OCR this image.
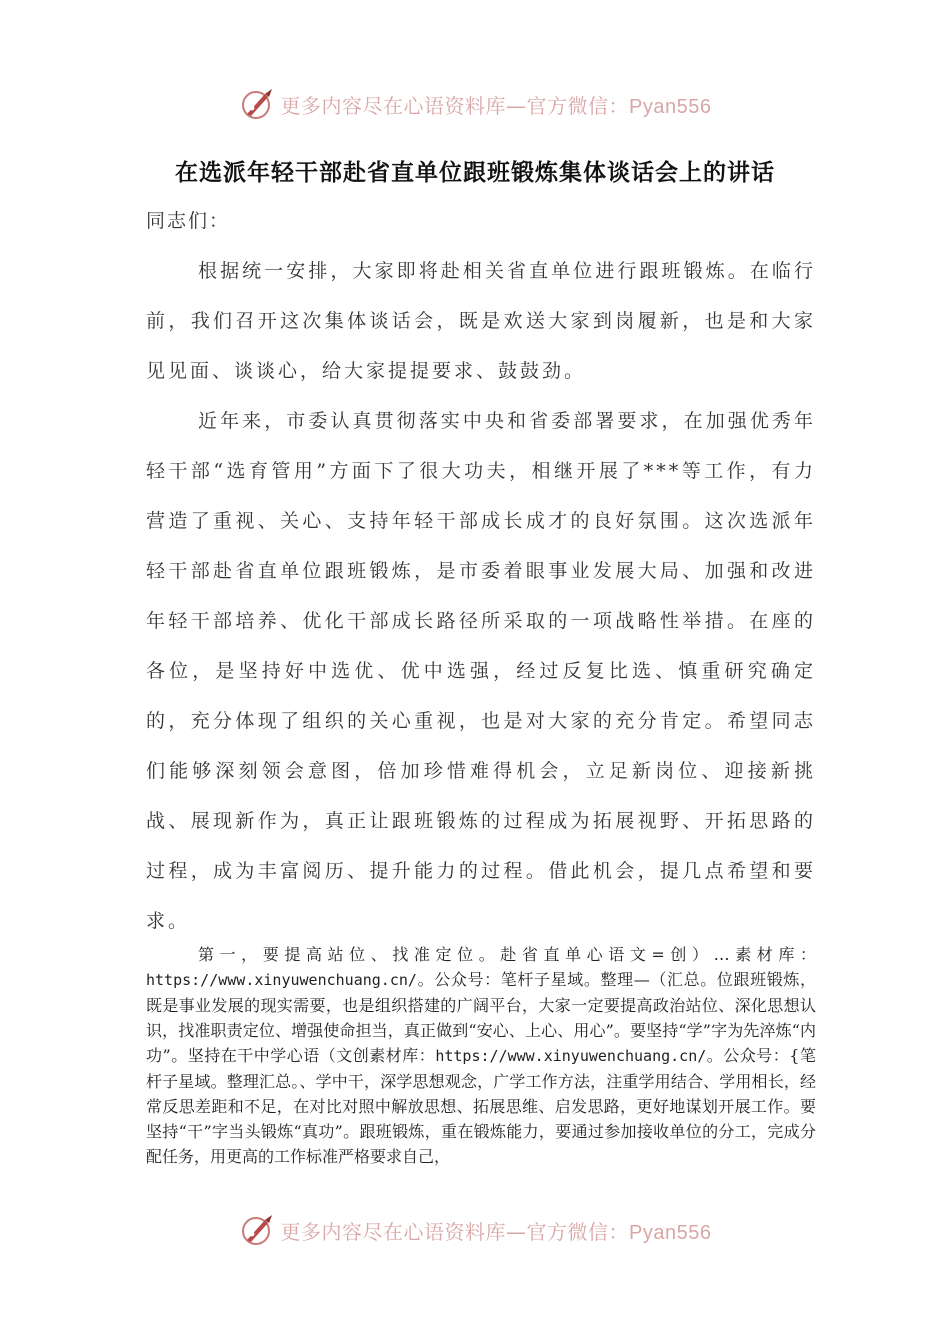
更多内容尽在心语资料库—官方微信：Pyan556
在选派年轻干部赴省直单位跟班锻炼集体谈话会上的讲话
同志们：

根据统一安排，大家即将赴相关省直单位进行跟班锻炼。在临行前，我们召开这次集体谈话会，既是欢送大家到岗履新，也是和大家见见面、谈谈心，给大家提提要求、鼓鼓劲。

近年来，市委认真贯彻落实中央和省委部署要求，在加强优秀年轻干部“选育管用”方面下了很大功夫，相继开展了***等工作，有力营造了重视、关心、支持年轻干部成长成才的良好氛围。这次选派年轻干部赴省直单位跟班锻炼，是市委着眼事业发展大局、加强和改进年轻干部培养、优化干部成长路径所采取的一项战略性举措。在座的各位，是坚持好中选优、优中选强，经过反复比选、慎重研究确定的，充分体现了组织的关心重视，也是对大家的充分肯定。希望同志们能够深刻领会意图，倍加珍惜难得机会，立足新岗位、迎接新挑战、展现新作为，真正让跟班锻炼的过程成为拓展视野、开拓思路的过程，成为丰富阅历、提升能力的过程。借此机会，提几点希望和要求。

第一，要提高站位、找准定位。赴省直单心语文=创）…素材库：https://www.xinyuwenchuang.cn/。公众号：笔杆子星域。整理—（汇总。位跟班锻炼，既是事业发展的现实需要，也是组织搭建的广阔平台，大家一定要提高政治站位、深化思想认识，找准职责定位、增强使命担当，真正做到“安心、上心、用心”。要坚持“学”字为先淬炼“内功”。坚持在干中学心语（文创素材库：https://www.xinyuwenchuang.cn/。公众号：{笔杆子星域。整理汇总。、学中干，深学思想观念，广学工作方法，注重学用结合、学用相长，经常反思差距和不足，在对比对照中解放思想、拓展思维、启发思路，更好地谋划开展工作。要坚持“干”字当头锻炼“真功”。跟班锻炼，重在锻炼能力，要通过参加接收单位的分工，完成分配任务，用更高的工作标准严格要求自己，

更多内容尽在心语资料库—官方微信：Pyan556
